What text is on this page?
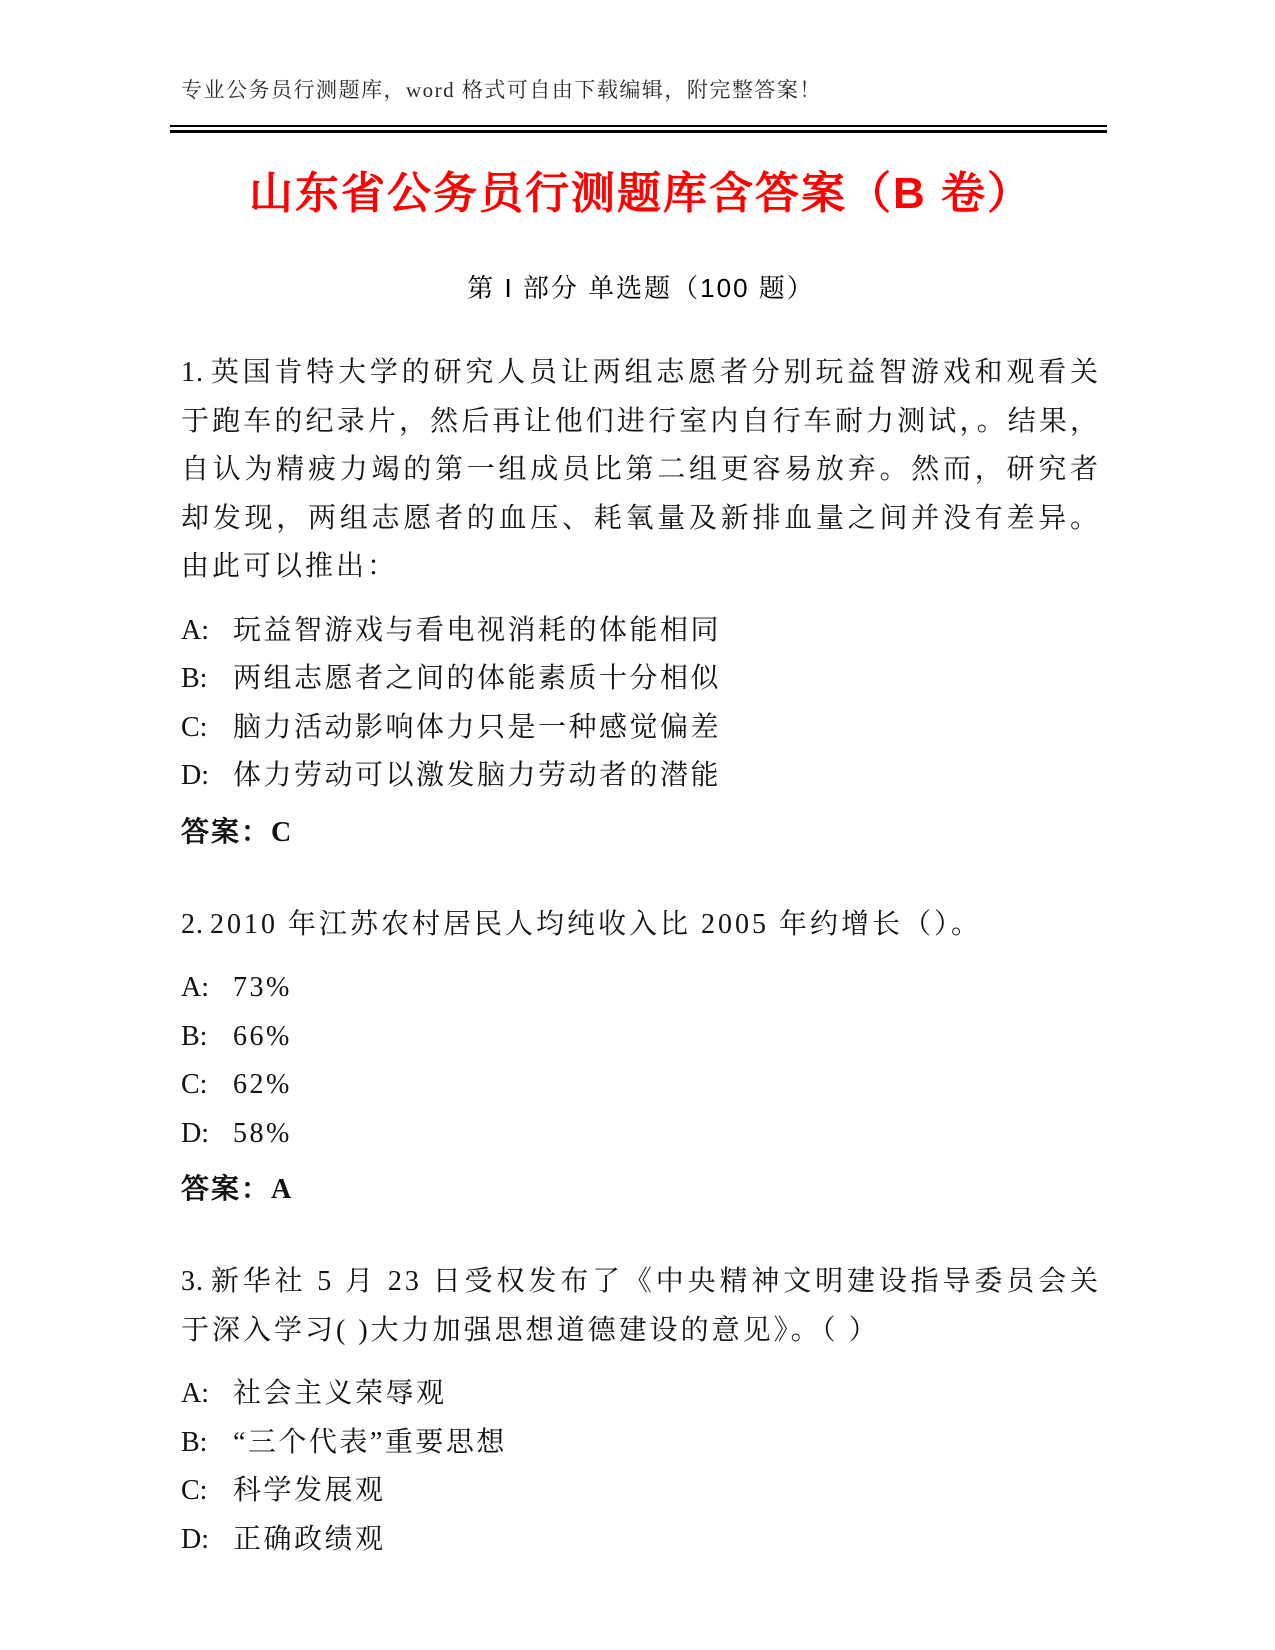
专业公务员行测题库，word 格式可自由下载编辑，附完整答案！
山东省公务员行测题库含答案（B 卷）
第 I 部分 单选题（100 题）

1. 英国肯特大学的研究人员让两组志愿者分别玩益智游戏和观看关于跑车的纪录片，然后再让他们进行室内自行车耐力测试，。结果，自认为精疲力竭的第一组成员比第二组更容易放弃。然而，研究者却发现，两组志愿者的血压、耗氧量及新排血量之间并没有差异。由此可以推出：

A: 玩益智游戏与看电视消耗的体能相同
B: 两组志愿者之间的体能素质十分相似
C: 脑力活动影响体力只是一种感觉偏差
D: 体力劳动可以激发脑力劳动者的潜能
答案：C

2. 2010 年江苏农村居民人均纯收入比 2005 年约增长（）。

A: 73%
B: 66%
C: 62%
D: 58%
答案：A

3. 新华社 5 月 23 日受权发布了《中央精神文明建设指导委员会关于深入学习( )大力加强思想道德建设的意见》。（ ）

A: 社会主义荣辱观
B: “三个代表”重要思想
C: 科学发展观
D: 正确政绩观
